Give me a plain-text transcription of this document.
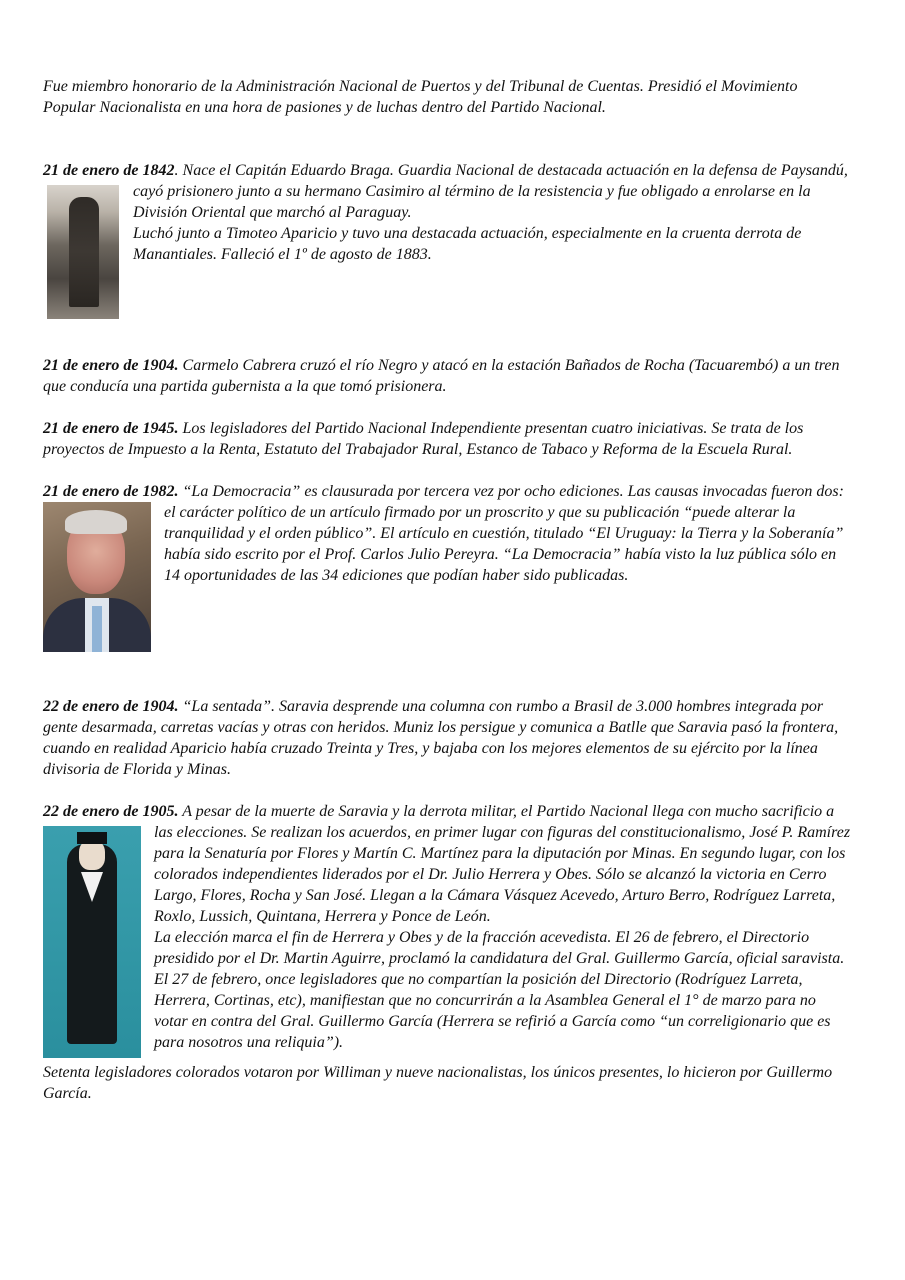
Fue miembro honorario de la Administración Nacional de Puertos y del Tribunal de Cuentas. Presidió el Movimiento Popular Nacionalista en una hora de pasiones y de luchas dentro del Partido Nacional.

21 de enero de 1842. Nace el Capitán Eduardo Braga. Guardia Nacional de destacada actuación en la defensa de Paysandú, cayó prisionero junto a su hermano Casimiro al término de la resistencia y fue obligado a enrolarse en la División Oriental que marchó al Paraguay.

Luchó junto a Timoteo Aparicio y tuvo una destacada actuación, especialmente en la cruenta derrota de Manantiales. Falleció el 1º de agosto de 1883.

21 de enero de 1904. Carmelo Cabrera cruzó el río Negro y atacó en la estación Bañados de Rocha (Tacuarembó) a un tren que conducía una partida gubernista a la que tomó prisionera.

21 de enero de 1945. Los legisladores del Partido Nacional Independiente presentan cuatro iniciativas. Se trata de los proyectos de Impuesto a la Renta, Estatuto del Trabajador Rural, Estanco de Tabaco y Reforma de la Escuela Rural.

21 de enero de 1982. “La Democracia” es clausurada por tercera vez por ocho ediciones. Las causas invocadas fueron dos: el carácter político de un artículo firmado por un proscrito y que su publicación “puede alterar la tranquilidad y el orden público”. El artículo en cuestión, titulado “El Uruguay: la Tierra y la Soberanía” había sido escrito por el Prof. Carlos Julio Pereyra. “La Democracia” había visto la luz pública sólo en 14 oportunidades de las 34 ediciones que podían haber sido publicadas.

22 de enero de 1904. “La sentada”. Saravia desprende una columna con rumbo a Brasil de 3.000 hombres integrada por gente desarmada, carretas vacías y otras con heridos. Muniz los persigue y comunica a Batlle que Saravia pasó la frontera, cuando en realidad Aparicio había cruzado Treinta y Tres, y bajaba con los mejores elementos de su ejército por la línea divisoria de Florida y Minas.

22 de enero de 1905. A pesar de la muerte de Saravia y la derrota militar, el Partido Nacional llega con mucho sacrificio a las elecciones. Se realizan los acuerdos, en primer lugar con figuras del constitucionalismo, José P. Ramírez para la Senaturía por Flores y Martín C. Martínez para la diputación por Minas. En segundo lugar, con los colorados independientes liderados por el Dr. Julio Herrera y Obes. Sólo se alcanzó la victoria en Cerro Largo, Flores, Rocha y San José. Llegan a la Cámara Vásquez Acevedo, Arturo Berro, Rodríguez Larreta, Roxlo, Lussich, Quintana, Herrera y Ponce de León.

La elección marca el fin de Herrera y Obes y de la fracción acevedista. El 26 de febrero, el Directorio presidido por el Dr. Martin Aguirre, proclamó la candidatura del Gral. Guillermo García, oficial saravista.

El 27 de febrero, once legisladores que no compartían la posición del Directorio (Rodríguez Larreta, Herrera, Cortinas, etc), manifiestan que no concurrirán a la Asamblea General el 1° de marzo para no votar en contra del Gral. Guillermo García (Herrera se refirió a García como “un correligionario que es para nosotros una reliquia”).

Setenta legisladores colorados votaron por Williman y nueve nacionalistas, los únicos presentes, lo hicieron por Guillermo García.
